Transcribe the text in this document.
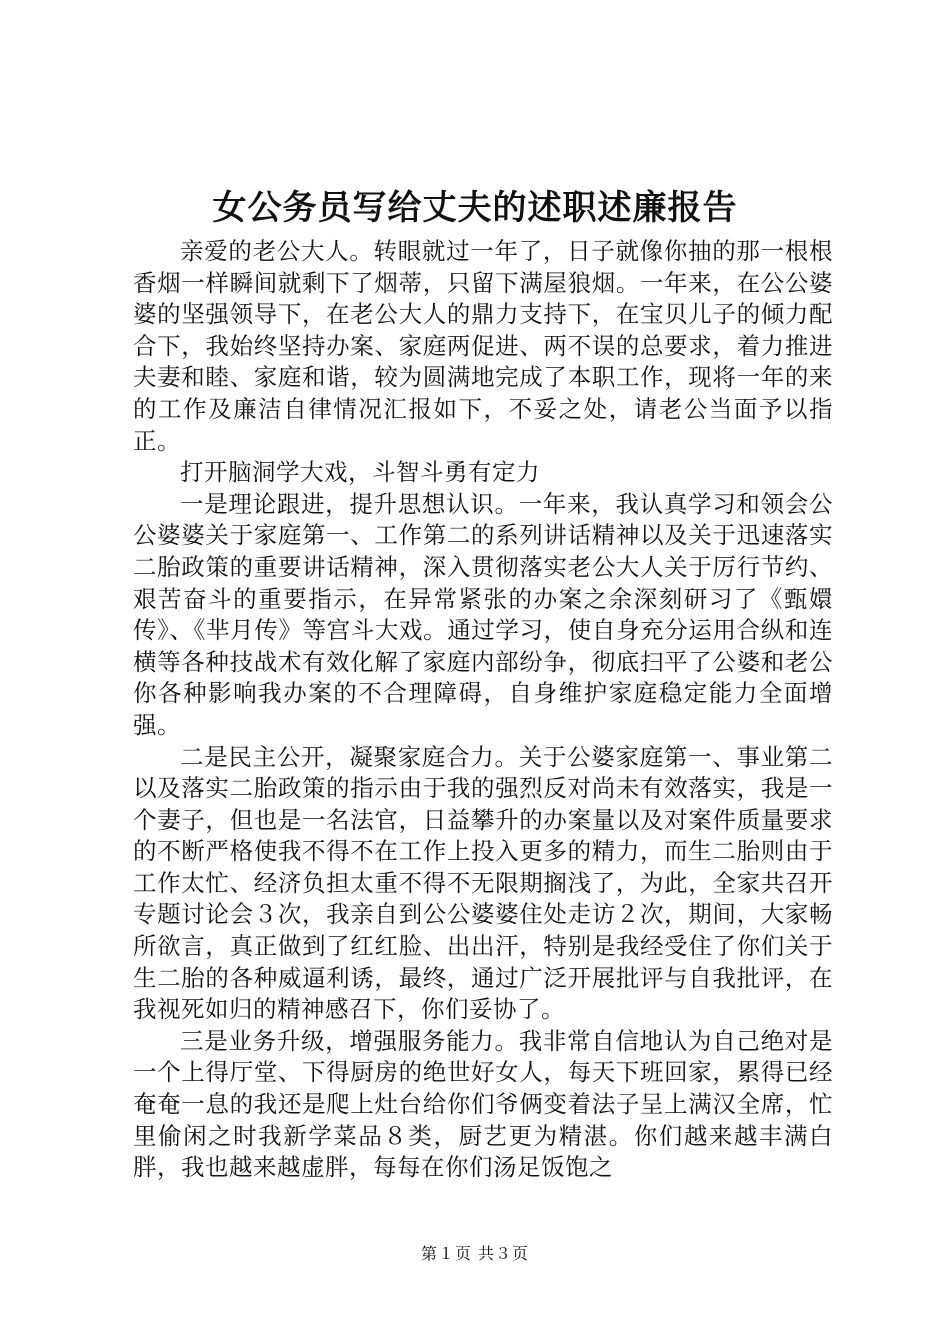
女公务员写给丈夫的述职述廉报告

亲爱的老公大人。转眼就过一年了，日子就像你抽的那一根根香烟一样瞬间就剩下了烟蒂，只留下满屋狼烟。一年来，在公公婆婆的坚强领导下，在老公大人的鼎力支持下，在宝贝儿子的倾力配合下，我始终坚持办案、家庭两促进、两不误的总要求，着力推进夫妻和睦、家庭和谐，较为圆满地完成了本职工作，现将一年的来的工作及廉洁自律情况汇报如下，不妥之处，请老公当面予以指正。

打开脑洞学大戏，斗智斗勇有定力

一是理论跟进，提升思想认识。一年来，我认真学习和领会公公婆婆关于家庭第一、工作第二的系列讲话精神以及关于迅速落实二胎政策的重要讲话精神，深入贯彻落实老公大人关于厉行节约、艰苦奋斗的重要指示，在异常紧张的办案之余深刻研习了《甄嬛传》、《芈月传》等宫斗大戏。通过学习，使自身充分运用合纵和连横等各种技战术有效化解了家庭内部纷争，彻底扫平了公婆和老公你各种影响我办案的不合理障碍，自身维护家庭稳定能力全面增强。

二是民主公开，凝聚家庭合力。关于公婆家庭第一、事业第二以及落实二胎政策的指示由于我的强烈反对尚未有效落实，我是一个妻子，但也是一名法官，日益攀升的办案量以及对案件质量要求的不断严格使我不得不在工作上投入更多的精力，而生二胎则由于工作太忙、经济负担太重不得不无限期搁浅了，为此，全家共召开专题讨论会３次，我亲自到公公婆婆住处走访２次，期间，大家畅所欲言，真正做到了红红脸、出出汗，特别是我经受住了你们关于生二胎的各种威逼利诱，最终，通过广泛开展批评与自我批评，在我视死如归的精神感召下，你们妥协了。

三是业务升级，增强服务能力。我非常自信地认为自己绝对是一个上得厅堂、下得厨房的绝世好女人，每天下班回家，累得已经奄奄一息的我还是爬上灶台给你们爷俩变着法子呈上满汉全席，忙里偷闲之时我新学菜品８类，厨艺更为精湛。你们越来越丰满白胖，我也越来越虚胖，每每在你们汤足饭饱之

第１页 共３页
